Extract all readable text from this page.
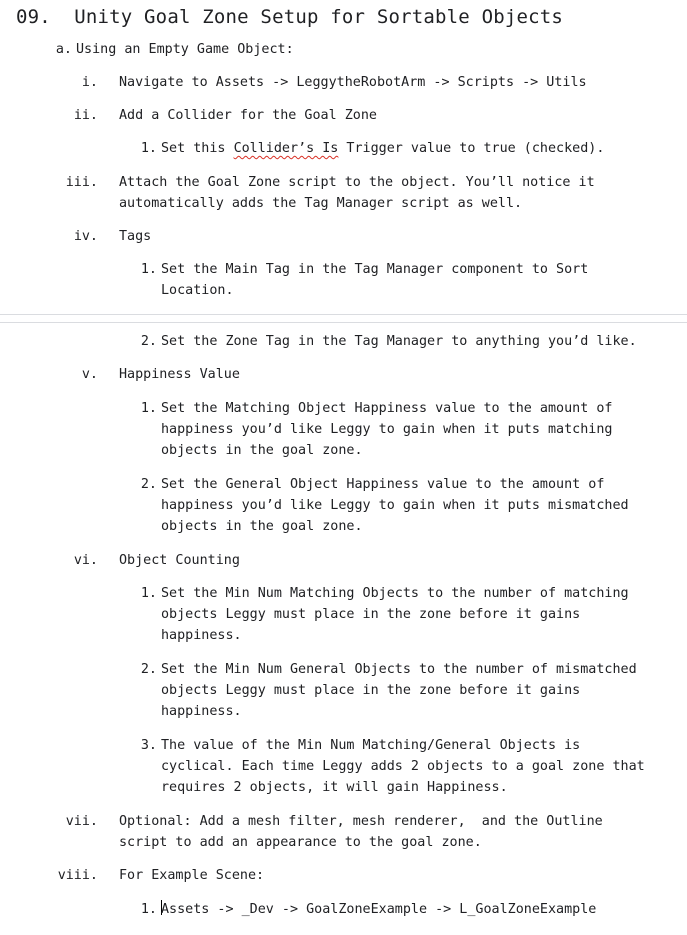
09. Unity Goal Zone Setup for Sortable Objects
a. Using an Empty Game Object:
i. Navigate to Assets -> LeggytheRobotArm -> Scripts -> Utils
ii. Add a Collider for the Goal Zone
1. Set this Collider’s Is Trigger value to true (checked).
iii. Attach the Goal Zone script to the object. You’ll notice it
automatically adds the Tag Manager script as well.
iv. Tags
1. Set the Main Tag in the Tag Manager component to Sort
Location.
2. Set the Zone Tag in the Tag Manager to anything you’d like.
v. Happiness Value
1. Set the Matching Object Happiness value to the amount of
happiness you’d like Leggy to gain when it puts matching
objects in the goal zone.
2. Set the General Object Happiness value to the amount of
happiness you’d like Leggy to gain when it puts mismatched
objects in the goal zone.
vi. Object Counting
1. Set the Min Num Matching Objects to the number of matching
objects Leggy must place in the zone before it gains
happiness.
2. Set the Min Num General Objects to the number of mismatched
objects Leggy must place in the zone before it gains
happiness.
3. The value of the Min Num Matching/General Objects is
cyclical. Each time Leggy adds 2 objects to a goal zone that
requires 2 objects, it will gain Happiness.
vii. Optional: Add a mesh filter, mesh renderer,  and the Outline
script to add an appearance to the goal zone.
viii. For Example Scene:
1. Assets -> _Dev -> GoalZoneExample -> L_GoalZoneExample
